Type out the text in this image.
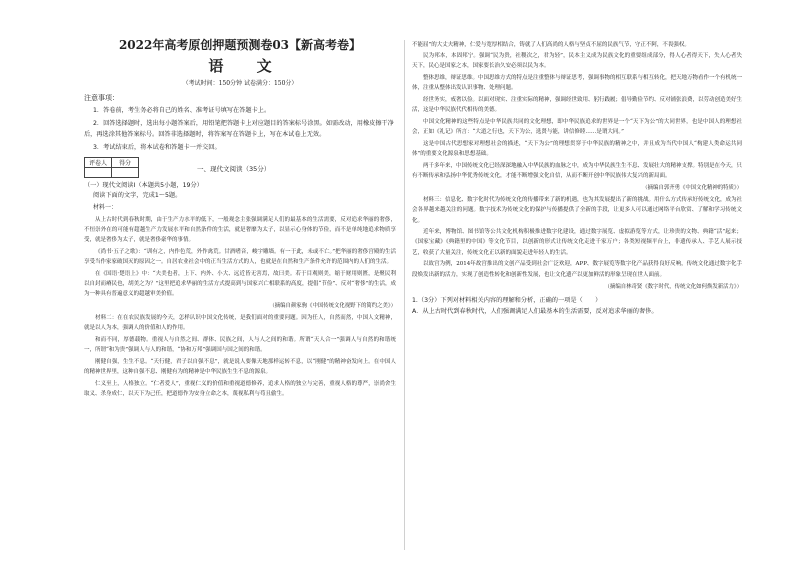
2022年高考原创押题预测卷03【新高考卷】
语 文
（考试时间：150分钟 试卷满分：150分）
注意事项：
1．答卷前，考生务必将自己的姓名、准考证号填写在答题卡上。
2．回答选择题时，选出每小题答案后，用铅笔把答题卡上对应题目的答案标号涂黑。如需改动，用橡皮擦干净后，再选涂其他答案标号。回答非选择题时，将答案写在答题卡上，写在本试卷上无效。
3．考试结束后，将本试卷和答题卡一并交回。
评卷人	得分

一、现代文阅读（35分）
（一）现代文阅读Ⅰ（本题共5小题，19分）
阅读下面的文字，完成1～5题。
材料一：
从上古时代到春秋时期，由于生产力水平的低下，一般观念主张强调满足人们的最基本的生活需要，反对追求华丽的奢侈，不恒崇外在的可能有超越生产力发展水平和自然条件的生活，就是奢靡为太子，以显示心身体的节俭，而不是单纯地追求物质享受，就是奢侈为太子，就是奢侈豪华的事情。
《尚书·五子之歌》：“训有之，内作色荒，外作禽荒。甘酒嗜音，峻宇雕墙。有一于此，未或不亡。”把华丽的奢侈宫殿的生活享受当作家家破国灭的原因之一。自居农业社会中的正当生活方式的人，也就是在自然和生产条件允许的范围内的人们的生活。
在《国语·楚语上》中：“夫美也者，上下、内外、小大、远近皆无害焉，故曰美。若于目观则美，缩于财用则匮，是聚民利以自封而瘠民也，胡美之为？”这里把追求华丽的生活方式提高到与国家兴亡相联系的高度，提倡“节俭”、反对“奢侈”的生活，成为一种具有普遍意义的超越审美价值。
（摘编自颜家驹《中国传统文化视野下的简约之美》）
材料二：在在农民族发展的今天，怎样认识中国文化传统，是我们面对的重要问题。因为任人，自然而然，中国人文精神，就是以人为本，强调人的价值和人的作用。
和而不同，厚德载物。重视人与自然之间、群体、民族之间，人与人之间的和谐。所谓“天人合一”强调人与自然的和谐统一，所谓“和为贵”强调人与人的和谐，“协和万邦”强调国与国之间的和谐。
刚健自强，生生不息。“天行健，君子以自强不息”，就是说人要像天地那样运转不息，以“刚健”的精神奋发向上。在中国人的精神世界里，这种自强不息、刚健有为的精神是中华民族生生不息的源泉。
仁义至上，人格独立。“仁者爱人”，重视仁义的价值和重视道德修养，追求人格的独立与完善，重视人格的尊严，崇尚舍生取义、杀身成仁，以天下为己任，把道德作为安身立命之本，蔑视私利与苟且偷生。
不能屈”的大丈夫精神，仁爱与宽厚相结合，铸就了人们高尚的人格与坚贞不屈的民族气节，守正不阿，不畏强权。
民为邦本，本固邦宁。强调“民为贵，社稷次之，君为轻”，民本主义成为民族文化的重要组成部分，得人心者得天下，失人心者失天下，民心是国家之本，国家要长治久安必须以民为本。
整体思维，辩证思维。中国思维方式的特点是注重整体与辩证思考，强调事物的相互联系与相互转化，把天地万物看作一个有机统一体，注重从整体出发认识事物、处理问题。
经世务实，戒奢以俭。以面对现实、注重实际的精神，强调经世致用、躬行践履；倡导勤俭节约、反对铺张浪费，以劳动创造美好生活，这是中华民族代代相传的美德。
中国文化精神的这些特点是中华民族共同的文化理想，即中华民族追求的世界是一个“天下为公”的大同世界，也是中国人的理想社会，正如《礼记》所言：“大道之行也，天下为公，选贤与能，讲信修睦……是谓大同。”
这是中国古代思想家对理想社会的描述，“天下为公”的理想贯穿于中华民族的精神之中，并且成为当代中国人“构建人类命运共同体”的重要文化源泉和思想基础。
两千多年来，中国传统文化已经深深地融入中华民族的血脉之中，成为中华民族生生不息、发展壮大的精神支撑。特别是在今天，只有不断传承和弘扬中华优秀传统文化，才能不断增强文化自信，从而不断开创中华民族伟大复兴的新局面。
（摘编自郭齐勇《中国文化精神的特质》）
材料三：信息化、数字化时代为传统文化的传播带来了新的机遇，也为其发展提出了新的挑战。用什么方式传承好传统文化，成为社会各界越来越关注的问题。数字技术为传统文化的保护与传播提供了全新的手段，让更多人可以通过网络平台欣赏、了解和学习传统文化。
近年来，博物馆、图书馆等公共文化机构积极推进数字化建设，通过数字展览、虚拟游览等方式，让珍贵的文物、典籍“活”起来；《国家宝藏》《典籍里的中国》等文化节目，以创新的形式让传统文化走进千家万户；各类短视频平台上，非遗传承人、手艺人展示技艺，收获了大量关注，传统文化正以新的面貌走进年轻人的生活。
以故宫为例，2014年故宫推出的文创产品受到社会广泛欢迎，APP、数字展览等数字化产品获得良好反响，传统文化通过数字化手段焕发出新的活力，实现了创造性转化和创新性发展，也让文化遗产以更加鲜活的形象呈现在世人面前。
（摘编自林奇贤《数字时代，传统文化如何焕发新活力》）
1.（3分）下列对材料相关内容的理解和分析，正确的一项是（　　）
A．从上古时代到春秋时代，人们强调满足人们最基本的生活需要，反对追求华丽的奢侈。
